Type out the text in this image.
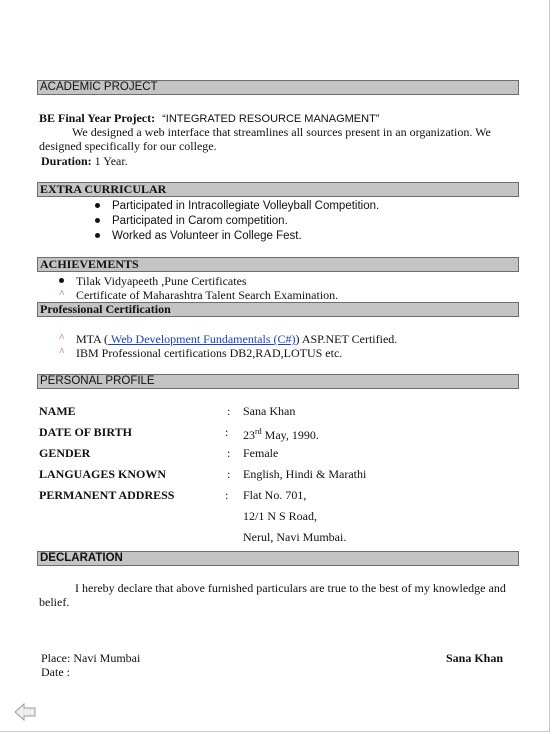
ACADEMIC PROJECT
BE Final Year Project: “INTEGRATED RESOURCE MANAGMENT”
We designed a web interface that streamlines all sources present in an organization. We
designed specifically for our college.
Duration: 1 Year.
EXTRA CURRICULAR
Participated in Intracollegiate Volleyball Competition.
Participated in Carom competition.
Worked as Volunteer in College Fest.
ACHIEVEMENTS
Tilak Vidyapeeth ,Pune Certificates
˄ Certificate of Maharashtra Talent Search Examination.
Professional Certification
˄ MTA ( Web Development Fundamentals (C#)) ASP.NET Certified.
˄ IBM Professional certifications DB2,RAD,LOTUS etc.
PERSONAL PROFILE
NAME	: Sana Khan
DATE OF BIRTH	: 23rd May, 1990.
GENDER	: Female
LANGUAGES KNOWN	: English, Hindi & Marathi
PERMANENT ADDRESS	: Flat No. 701,
12/1 N S Road,
Nerul, Navi Mumbai.
DECLARATION
I hereby declare that above furnished particulars are true to the best of my knowledge and
belief.
Place: Navi Mumbai
Date :
Sana Khan
